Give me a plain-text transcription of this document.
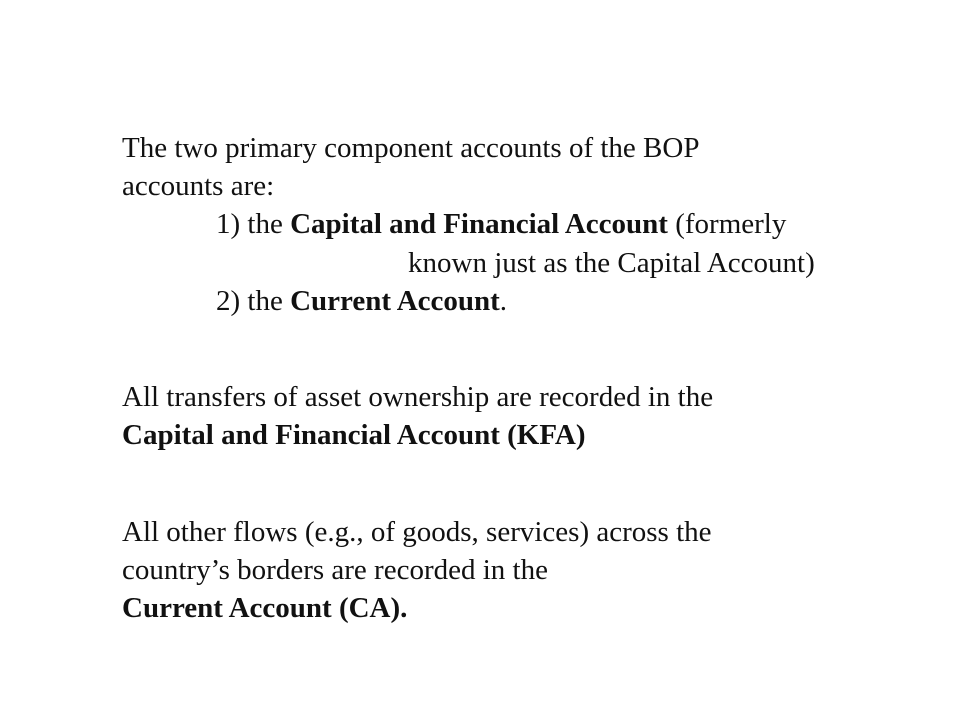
The two primary component accounts of the BOP
accounts are:
1) the Capital and Financial Account (formerly
known just as the Capital Account)
2) the Current Account.
All transfers of asset ownership are recorded in the
Capital and Financial Account (KFA)
All other flows (e.g., of goods, services) across the
country’s borders are recorded in the
Current Account (CA).
